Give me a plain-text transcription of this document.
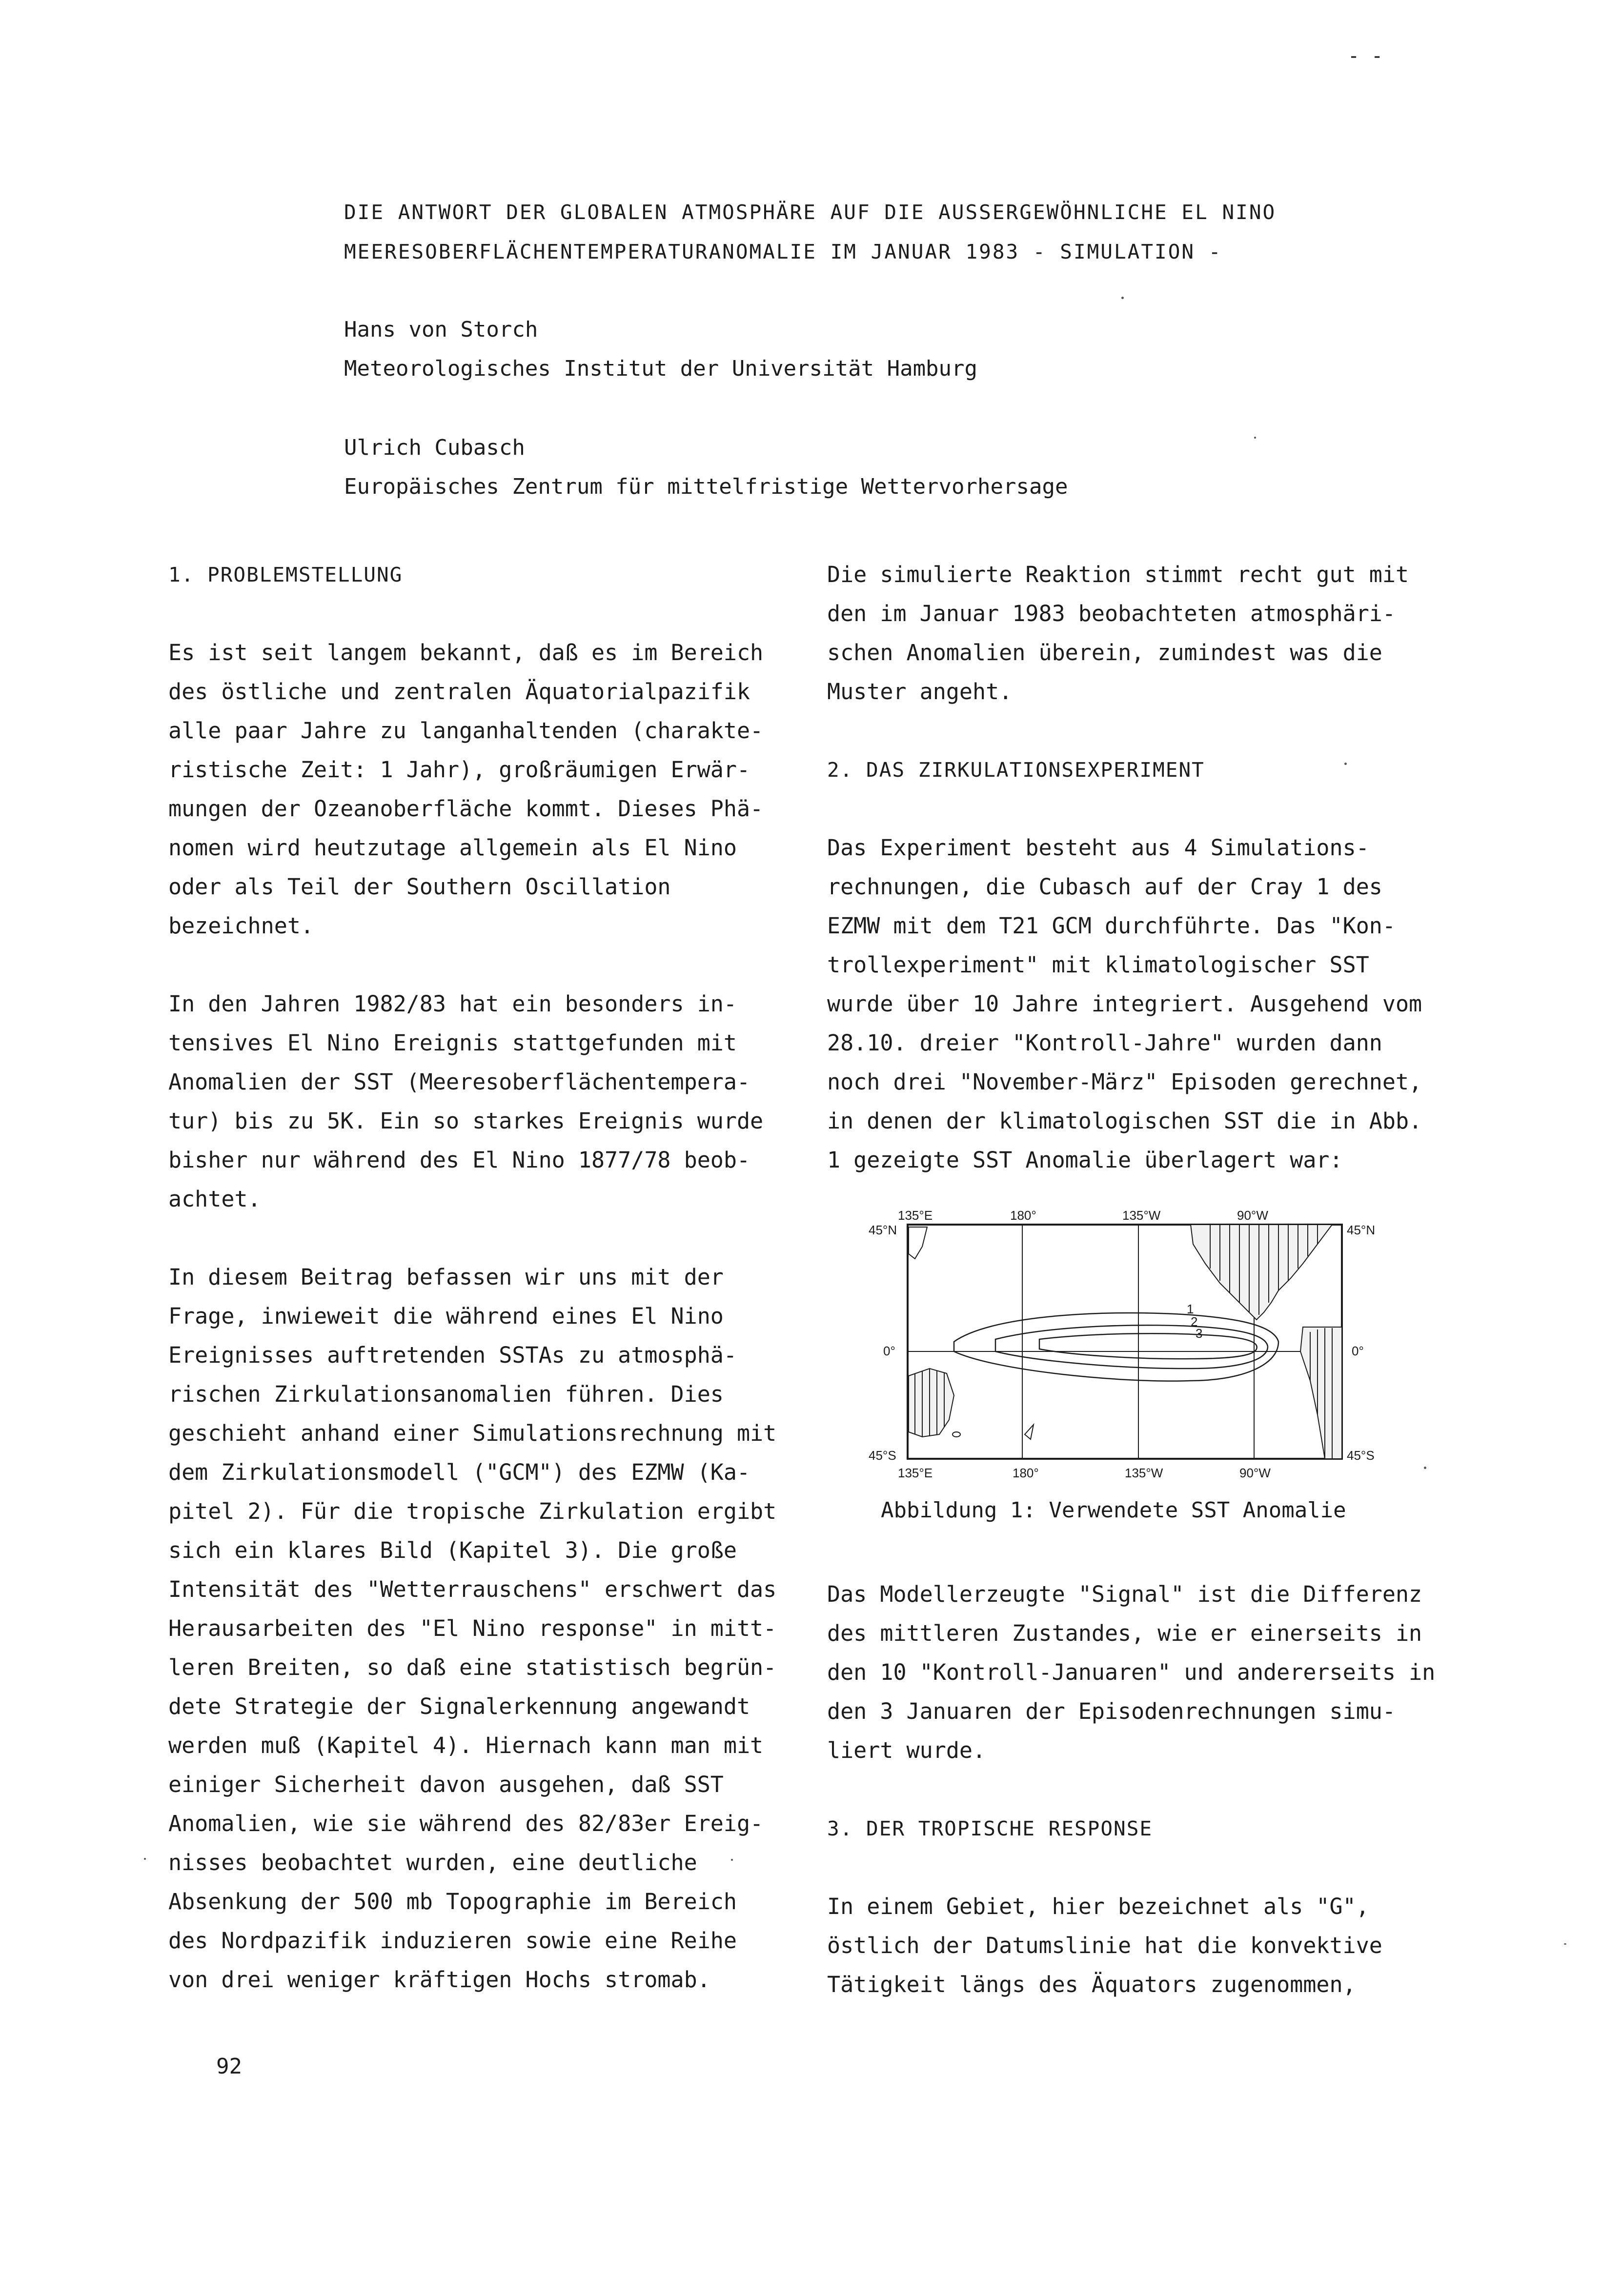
- -
DIE ANTWORT DER GLOBALEN ATMOSPHÄRE AUF DIE AUSSERGEWÖHNLICHE EL NINO
MEERESOBERFLÄCHENTEMPERATURANOMALIE IM JANUAR 1983 - SIMULATION -
Hans von Storch
Meteorologisches Institut der Universität Hamburg
Ulrich Cubasch
Europäisches Zentrum für mittelfristige Wettervorhersage
1. PROBLEMSTELLUNG

Es ist seit langem bekannt, daß es im Bereich
des östliche und zentralen Äquatorialpazifik
alle paar Jahre zu langanhaltenden (charakte-
ristische Zeit: 1 Jahr), großräumigen Erwär-
mungen der Ozeanoberfläche kommt. Dieses Phä-
nomen wird heutzutage allgemein als El Nino
oder als Teil der Southern Oscillation
bezeichnet.

In den Jahren 1982/83 hat ein besonders in-
tensives El Nino Ereignis stattgefunden mit
Anomalien der SST (Meeresoberflächentempera-
tur) bis zu 5K. Ein so starkes Ereignis wurde
bisher nur während des El Nino 1877/78 beob-
achtet.

In diesem Beitrag befassen wir uns mit der
Frage, inwieweit die während eines El Nino
Ereignisses auftretenden SSTAs zu atmosphä-
rischen Zirkulationsanomalien führen. Dies
geschieht anhand einer Simulationsrechnung mit
dem Zirkulationsmodell ("GCM") des EZMW (Ka-
pitel 2). Für die tropische Zirkulation ergibt
sich ein klares Bild (Kapitel 3). Die große
Intensität des "Wetterrauschens" erschwert das
Herausarbeiten des "El Nino response" in mitt-
leren Breiten, so daß eine statistisch begrün-
dete Strategie der Signalerkennung angewandt
werden muß (Kapitel 4). Hiernach kann man mit
einiger Sicherheit davon ausgehen, daß SST
Anomalien, wie sie während des 82/83er Ereig-
nisses beobachtet wurden, eine deutliche
Absenkung der 500 mb Topographie im Bereich
des Nordpazifik induzieren sowie eine Reihe
von drei weniger kräftigen Hochs stromab.

Die simulierte Reaktion stimmt recht gut mit
den im Januar 1983 beobachteten atmosphäri-
schen Anomalien überein, zumindest was die
Muster angeht.

2. DAS ZIRKULATIONSEXPERIMENT

Das Experiment besteht aus 4 Simulations-
rechnungen, die Cubasch auf der Cray 1 des
EZMW mit dem T21 GCM durchführte. Das "Kon-
trollexperiment" mit klimatologischer SST
wurde über 10 Jahre integriert. Ausgehend vom
28.10. dreier "Kontroll-Jahre" wurden dann
noch drei "November-März" Episoden gerechnet,
in denen der klimatologischen SST die in Abb.
1 gezeigte SST Anomalie überlagert war:

1
2
3
135°E	180°	135°W	90°W
135°E	180°	135°W	90°W
45°N
0°
45°S
45°N
0°
45°S
Abbildung 1: Verwendete SST Anomalie

Das Modellerzeugte "Signal" ist die Differenz
des mittleren Zustandes, wie er einerseits in
den 10 "Kontroll-Januaren" und andererseits in
den 3 Januaren der Episodenrechnungen simu-
liert wurde.

3. DER TROPISCHE RESPONSE

In einem Gebiet, hier bezeichnet als "G",
östlich der Datumslinie hat die konvektive
Tätigkeit längs des Äquators zugenommen,

92
